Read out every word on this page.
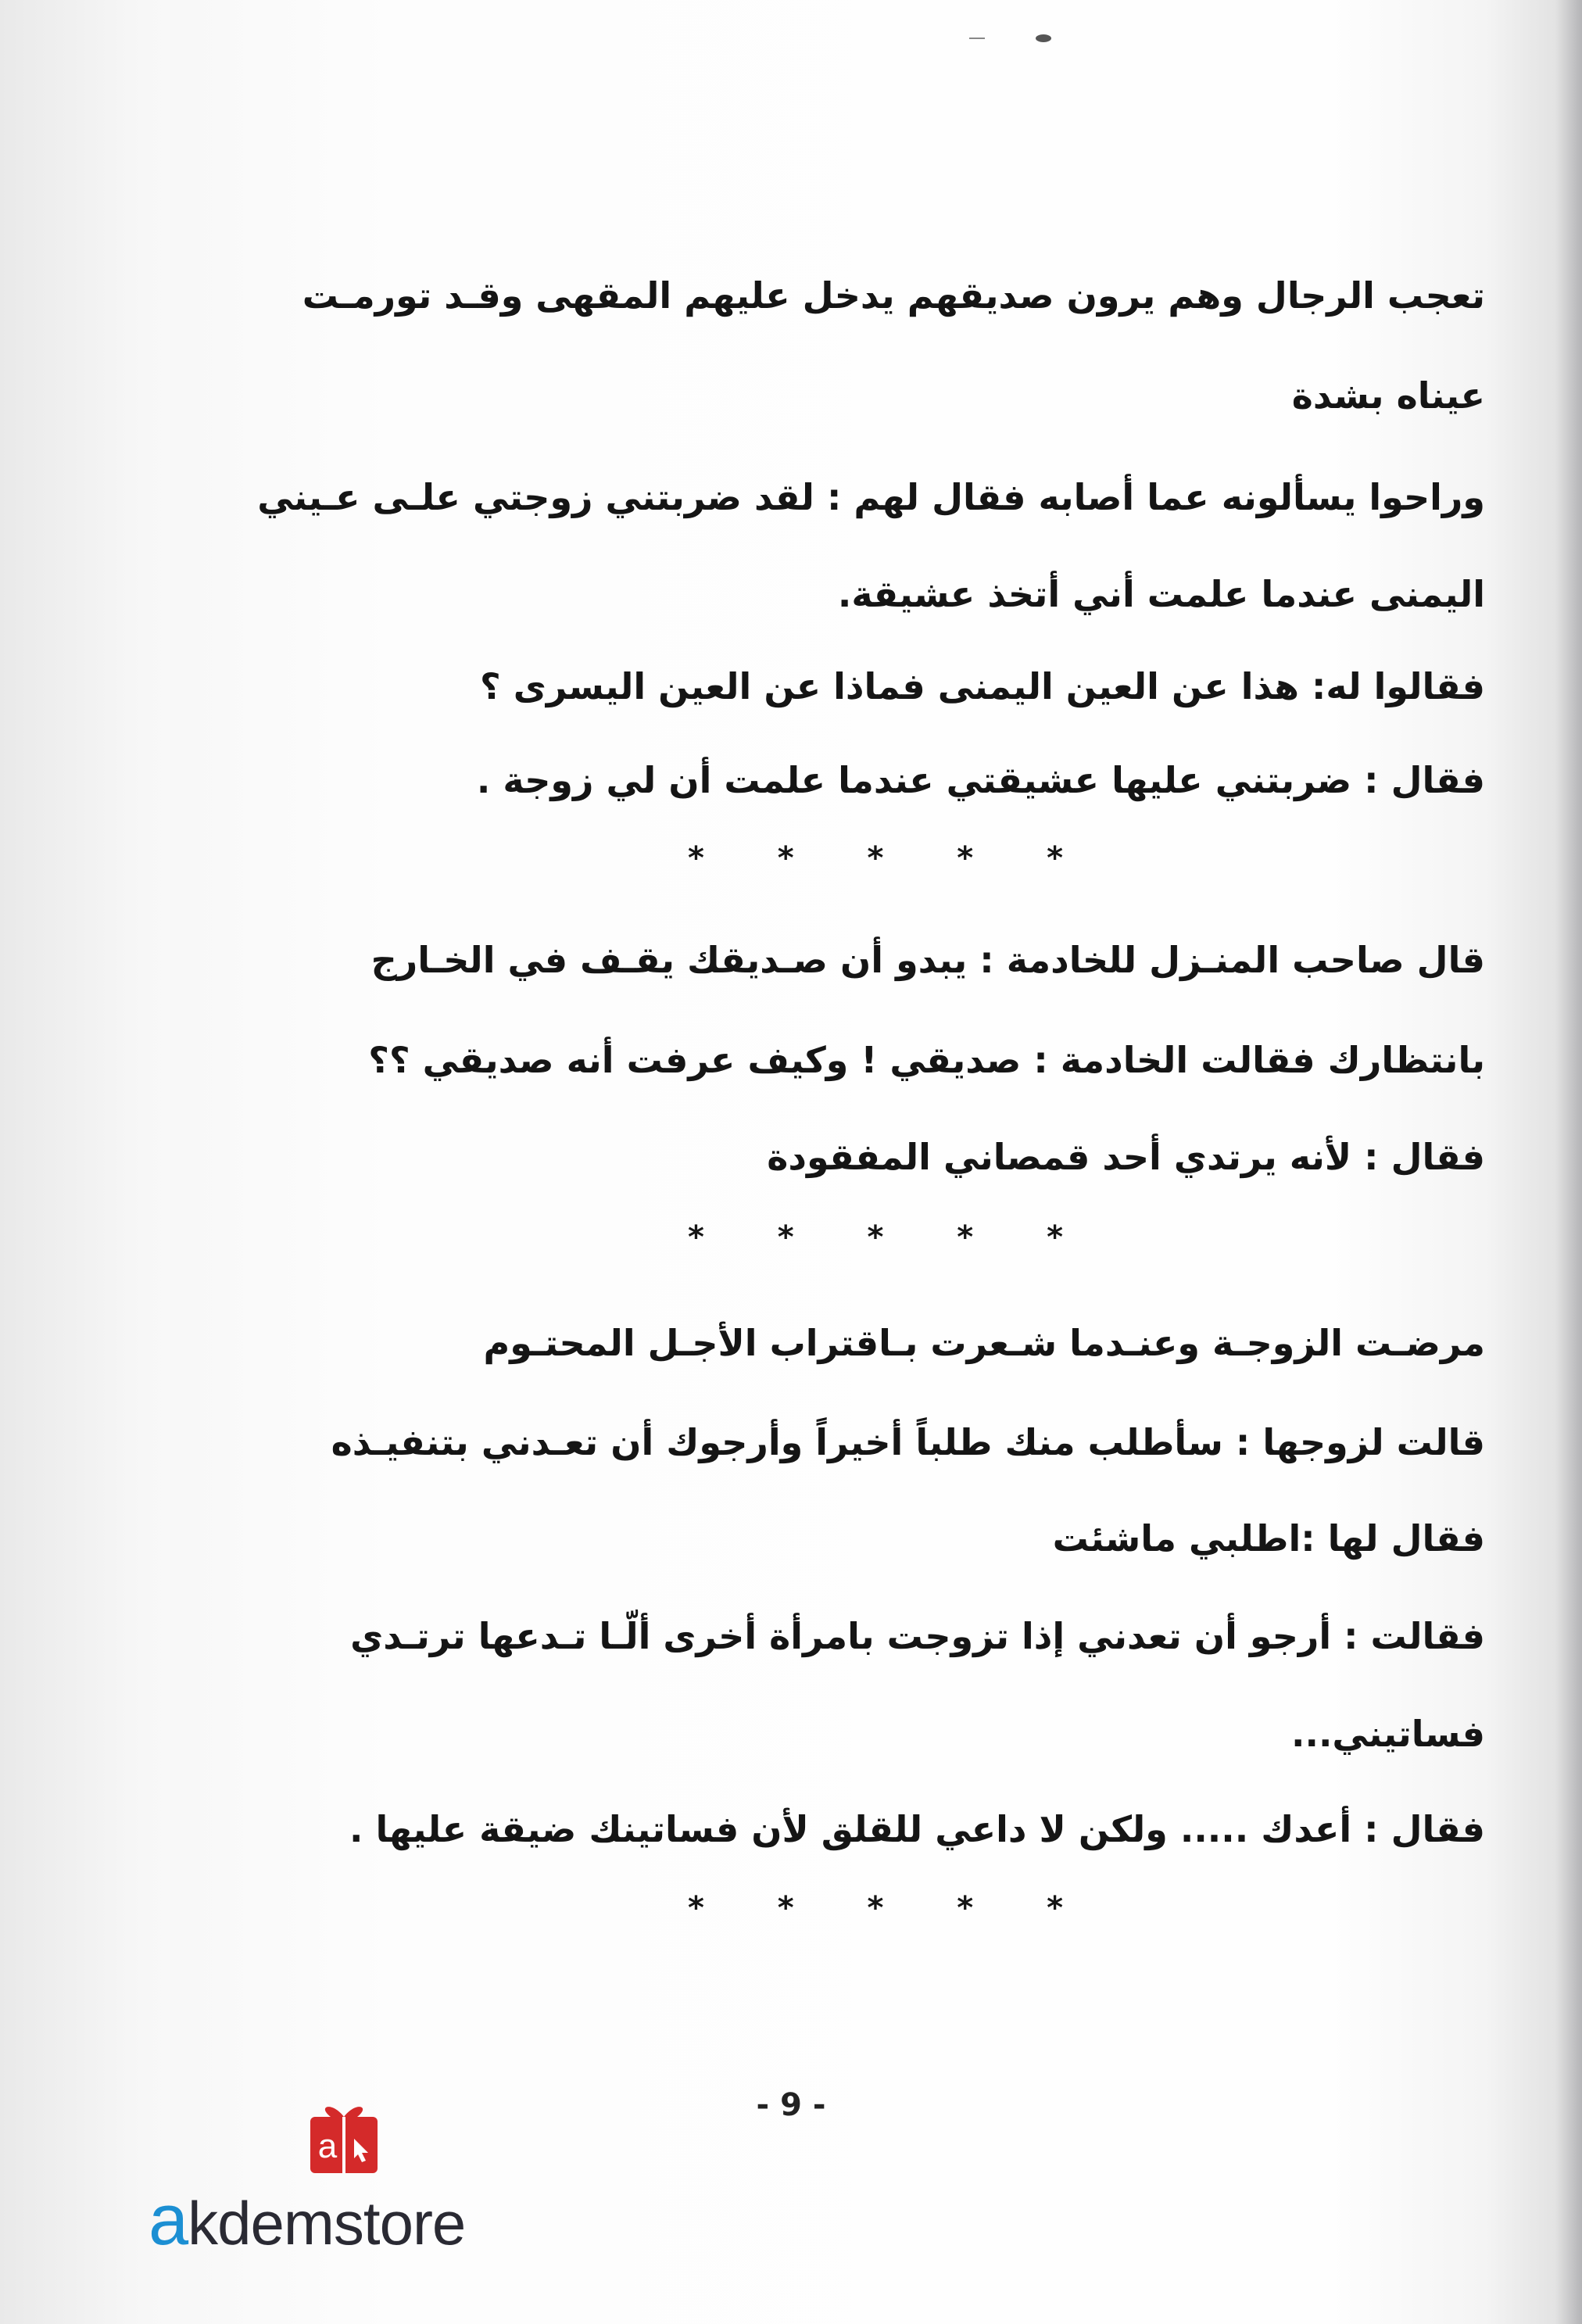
تعجب الرجال وهم يرون صديقهم يدخل عليهم المقهى وقـد تورمـت
عيناه بشدة
وراحوا يسألونه عما أصابه فقال لهم : لقد ضربتني زوجتي علـى عـيني
اليمنى عندما علمت أني أتخذ عشيقة.
فقالوا له: هذا عن العين اليمنى فماذا عن العين اليسرى ؟
فقال : ضربتني عليها عشيقتي عندما علمت أن لي زوجة .
* * * * *
قال صاحب المنـزل للخادمة : يبدو أن صـديقك يقـف في الخـارج
بانتظارك فقالت الخادمة : صديقي ! وكيف عرفت أنه صديقي ؟؟
فقال : لأنه يرتدي أحد قمصاني المفقودة
* * * * *
مرضـت الزوجـة وعنـدما شـعرت بـاقتراب الأجـل المحتـوم
قالت لزوجها : سأطلب منك طلباً أخيراً وأرجوك أن تعـدني بتنفيـذه
فقال لها :اطلبي ماشئت
فقالت : أرجو أن تعدني إذا تزوجت بامرأة أخرى ألّـا تـدعها ترتـدي
فساتيني...
فقال : أعدك ..... ولكن لا داعي للقلق لأن فساتينك ضيقة عليها .
* * * * *
- 9 -
a
akdemstore
